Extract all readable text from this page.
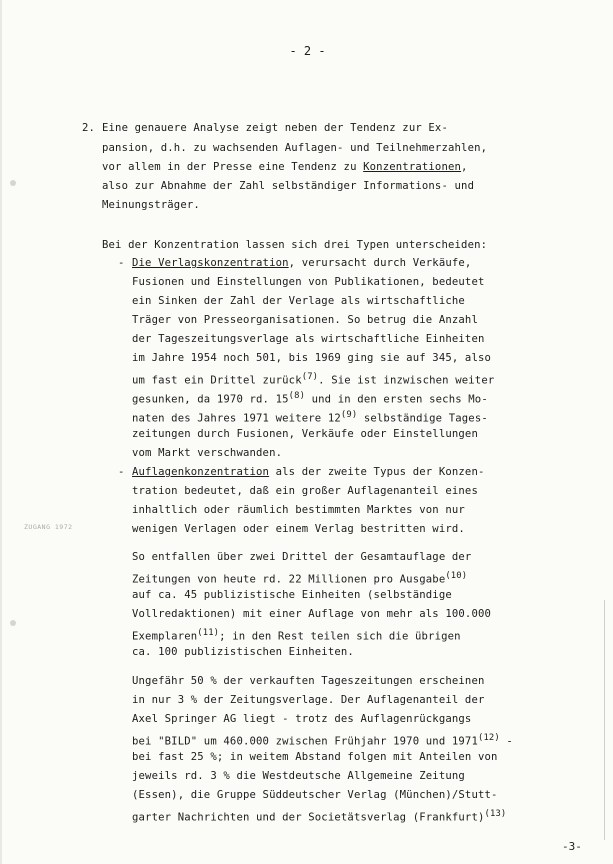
- 2 -
ZUGANG 1972
2. Eine genauere Analyse zeigt neben der Tendenz zur Ex-
pansion, d.h. zu wachsenden Auflagen- und Teilnehmerzahlen,
vor allem in der Presse eine Tendenz zu Konzentrationen,
also zur Abnahme der Zahl selbständiger Informations- und
Meinungsträger.
Bei der Konzentration lassen sich drei Typen unterscheiden:
- Die Verlagskonzentration, verursacht durch Verkäufe,
Fusionen und Einstellungen von Publikationen, bedeutet
ein Sinken der Zahl der Verlage als wirtschaftliche
Träger von Presseorganisationen. So betrug die Anzahl
der Tageszeitungsverlage als wirtschaftliche Einheiten
im Jahre 1954 noch 501, bis 1969 ging sie auf 345, also
um fast ein Drittel zurück$^{(7)}$. Sie ist inzwischen weiter
gesunken, da 1970 rd. 15$^{(8)}$ und in den ersten sechs Mo-
naten des Jahres 1971 weitere 12$^{(9)}$ selbständige Tages-
zeitungen durch Fusionen, Verkäufe oder Einstellungen
vom Markt verschwanden.
- Auflagenkonzentration als der zweite Typus der Konzen-
tration bedeutet, daß ein großer Auflagenanteil eines
inhaltlich oder räumlich bestimmten Marktes von nur
wenigen Verlagen oder einem Verlag bestritten wird.
So entfallen über zwei Drittel der Gesamtauflage der
Zeitungen von heute rd. 22 Millionen pro Ausgabe$^{(10)}$
auf ca. 45 publizistische Einheiten (selbständige
Vollredaktionen) mit einer Auflage von mehr als 100.000
Exemplaren$^{(11)}$; in den Rest teilen sich die übrigen
ca. 100 publizistischen Einheiten.
Ungefähr 50 % der verkauften Tageszeitungen erscheinen
in nur 3 % der Zeitungsverlage. Der Auflagenanteil der
Axel Springer AG liegt - trotz des Auflagenrückgangs
bei "BILD" um 460.000 zwischen Frühjahr 1970 und 1971$^{(12)}$ -
bei fast 25 %; in weitem Abstand folgen mit Anteilen von
jeweils rd. 3 % die Westdeutsche Allgemeine Zeitung
(Essen), die Gruppe Süddeutscher Verlag (München)/Stutt-
garter Nachrichten und der Societätsverlag (Frankfurt)$^{(13)}$
-3-
